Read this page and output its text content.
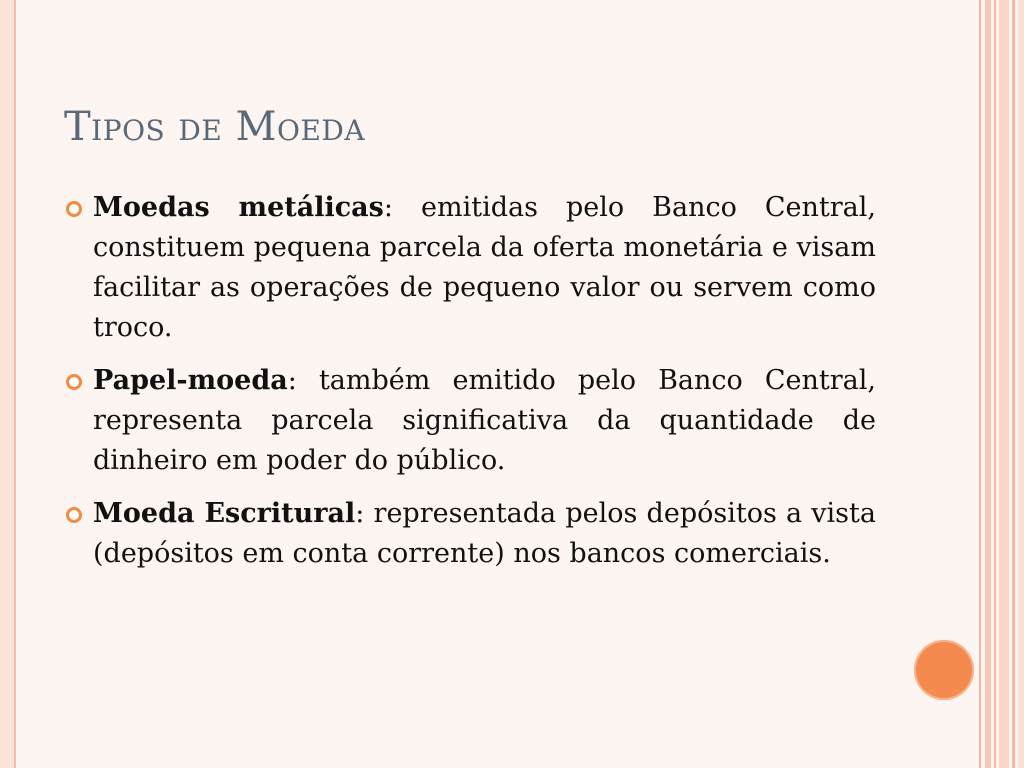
Tipos de Moeda
Moedas metálicas: emitidas pelo Banco Central, constituem pequena parcela da oferta monetária e visam facilitar as operações de pequeno valor ou servem como troco.
Papel-moeda: também emitido pelo Banco Central, representa parcela significativa da quantidade de dinheiro em poder do público.
Moeda Escritural: representada pelos depósitos a vista (depósitos em conta corrente) nos bancos comerciais.
